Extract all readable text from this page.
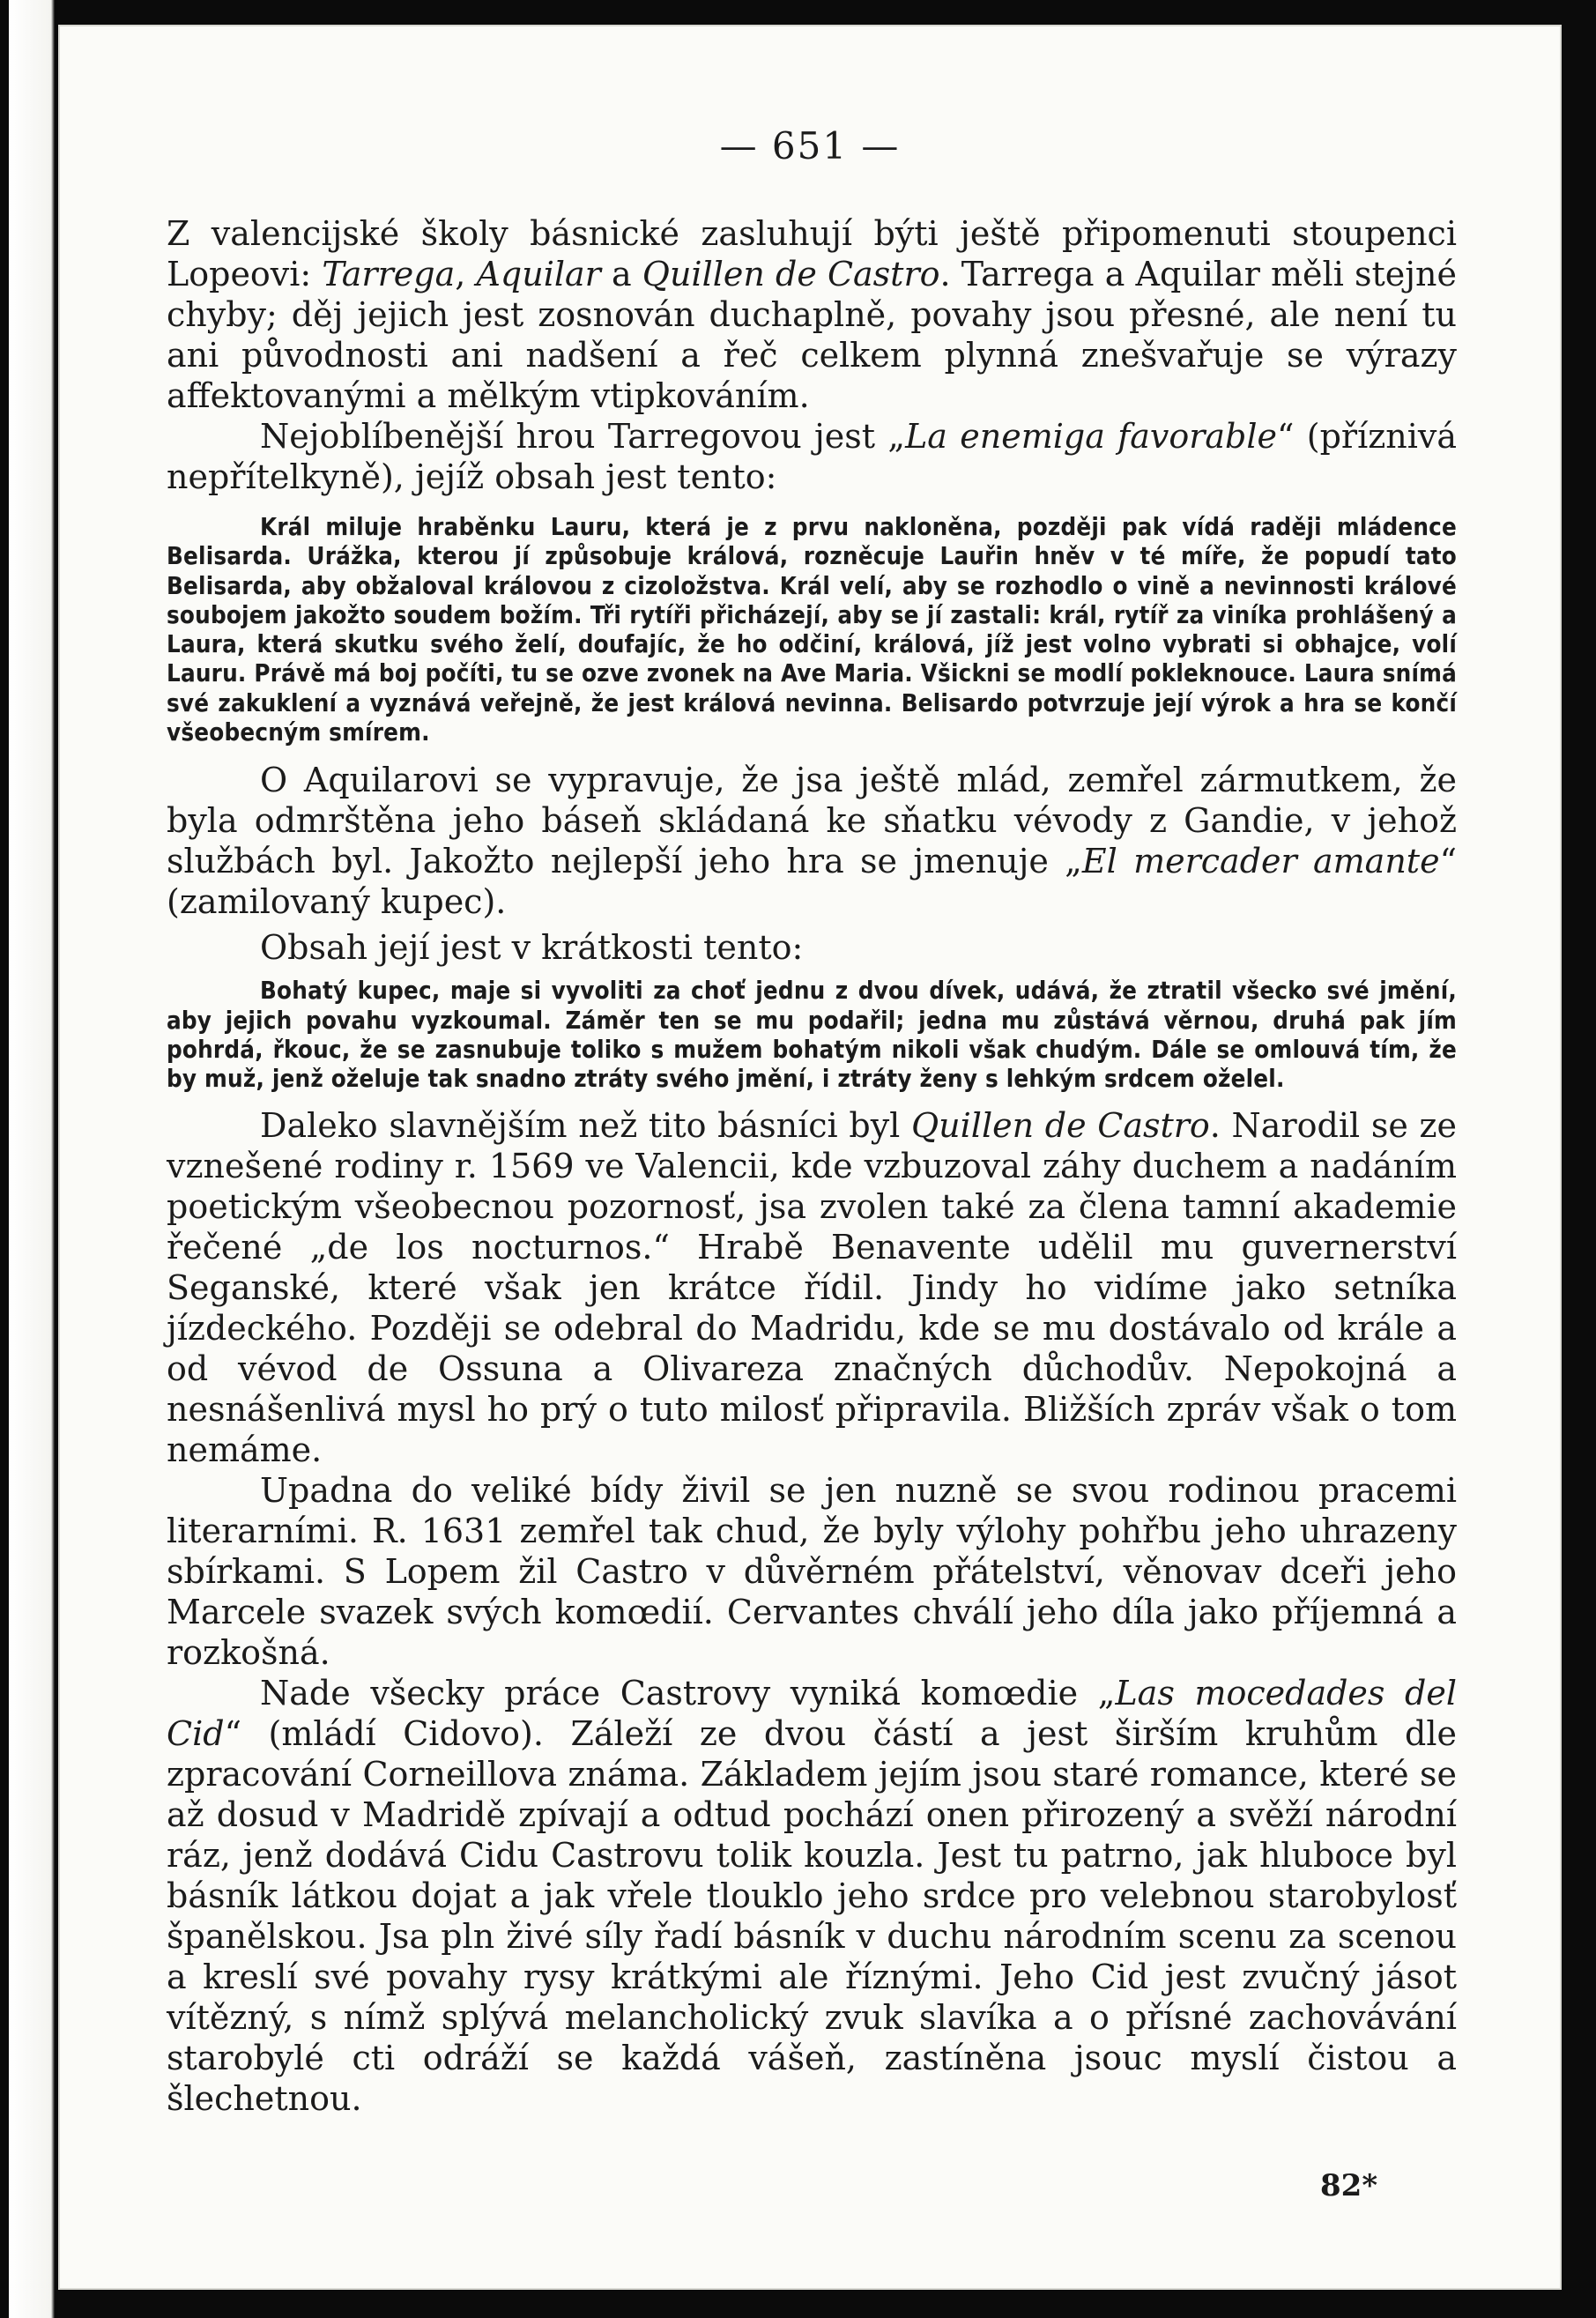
— 651 —

Z valencijské školy básnické zasluhují býti ještě připomenuti stoupenci Lopeovi: Tarrega, Aquilar a Quillen de Castro. Tarrega a Aquilar měli stejné chyby; děj jejich jest zosnován duchaplně, povahy jsou přesné, ale není tu ani původnosti ani nadšení a řeč celkem plynná znešvařuje se výrazy affektovanými a mělkým vtipkováním.

Nejoblíbenější hrou Tarregovou jest „La enemiga favorable“ (příznivá nepřítelkyně), jejíž obsah jest tento:

Král miluje hraběnku Lauru, která je z prvu nakloněna, později pak vídá raději mládence Belisarda. Urážka, kterou jí způsobuje králová, rozněcuje Lauřin hněv v té míře, že popudí tato Belisarda, aby obžaloval královou z cizoložstva. Král velí, aby se rozhodlo o vině a nevinnosti králové soubojem jakožto soudem božím. Tři rytíři přicházejí, aby se jí zastali: král, rytíř za viníka prohlášený a Laura, která skutku svého želí, doufajíc, že ho odčiní, králová, jíž jest volno vybrati si obhajce, volí Lauru. Právě má boj počíti, tu se ozve zvonek na Ave Maria. Všickni se modlí pokleknouce. Laura snímá své zakuklení a vyznává veřejně, že jest králová nevinna. Belisardo potvrzuje její výrok a hra se končí všeobecným smírem.

O Aquilarovi se vypravuje, že jsa ještě mlád, zemřel zármutkem, že byla odmrštěna jeho báseň skládaná ke sňatku vévody z Gandie, v jehož službách byl. Jakožto nejlepší jeho hra se jmenuje „El mercader amante“ (zamilovaný kupec).

Obsah její jest v krátkosti tento:

Bohatý kupec, maje si vyvoliti za choť jednu z dvou dívek, udává, že ztratil všecko své jmění, aby jejich povahu vyzkoumal. Záměr ten se mu podařil; jedna mu zůstává věrnou, druhá pak jím pohrdá, řkouc, že se zasnubuje toliko s mužem bohatým nikoli však chudým. Dále se omlouvá tím, že by muž, jenž oželuje tak snadno ztráty svého jmění, i ztráty ženy s lehkým srdcem oželel.

Daleko slavnějším než tito básníci byl Quillen de Castro. Narodil se ze vznešené rodiny r. 1569 ve Valencii, kde vzbuzoval záhy duchem a nadáním poetickým všeobecnou pozornosť, jsa zvolen také za člena tamní akademie řečené „de los nocturnos.“ Hrabě Benavente udělil mu guvernerství Seganské, které však jen krátce řídil. Jindy ho vidíme jako setníka jízdeckého. Později se odebral do Madridu, kde se mu dostávalo od krále a od vévod de Ossuna a Olivareza značných důchodův. Nepokojná a nesnášenlivá mysl ho prý o tuto milosť připravila. Bližších zpráv však o tom nemáme.

Upadna do veliké bídy živil se jen nuzně se svou rodinou pracemi literarními. R. 1631 zemřel tak chud, že byly výlohy pohřbu jeho uhrazeny sbírkami. S Lopem žil Castro v důvěrném přátelství, věnovav dceři jeho Marcele svazek svých komœdií. Cervantes chválí jeho díla jako příjemná a rozkošná.

Nade všecky práce Castrovy vyniká komœdie „Las mocedades del Cid“ (mládí Cidovo). Záleží ze dvou částí a jest širším kruhům dle zpracování Corneillova známa. Základem jejím jsou staré romance, které se až dosud v Madridě zpívají a odtud pochází onen přirozený a svěží národní ráz, jenž dodává Cidu Castrovu tolik kouzla. Jest tu patrno, jak hluboce byl básník látkou dojat a jak vřele tlouklo jeho srdce pro velebnou starobylosť španělskou. Jsa pln živé síly řadí básník v duchu národním scenu za scenou a kreslí své povahy rysy krátkými ale říznými. Jeho Cid jest zvučný jásot vítězný, s nímž splývá melancholický zvuk slavíka a o přísné zachovávání starobylé cti odráží se každá vášeň, zastíněna jsouc myslí čistou a šlechetnou.

82*
